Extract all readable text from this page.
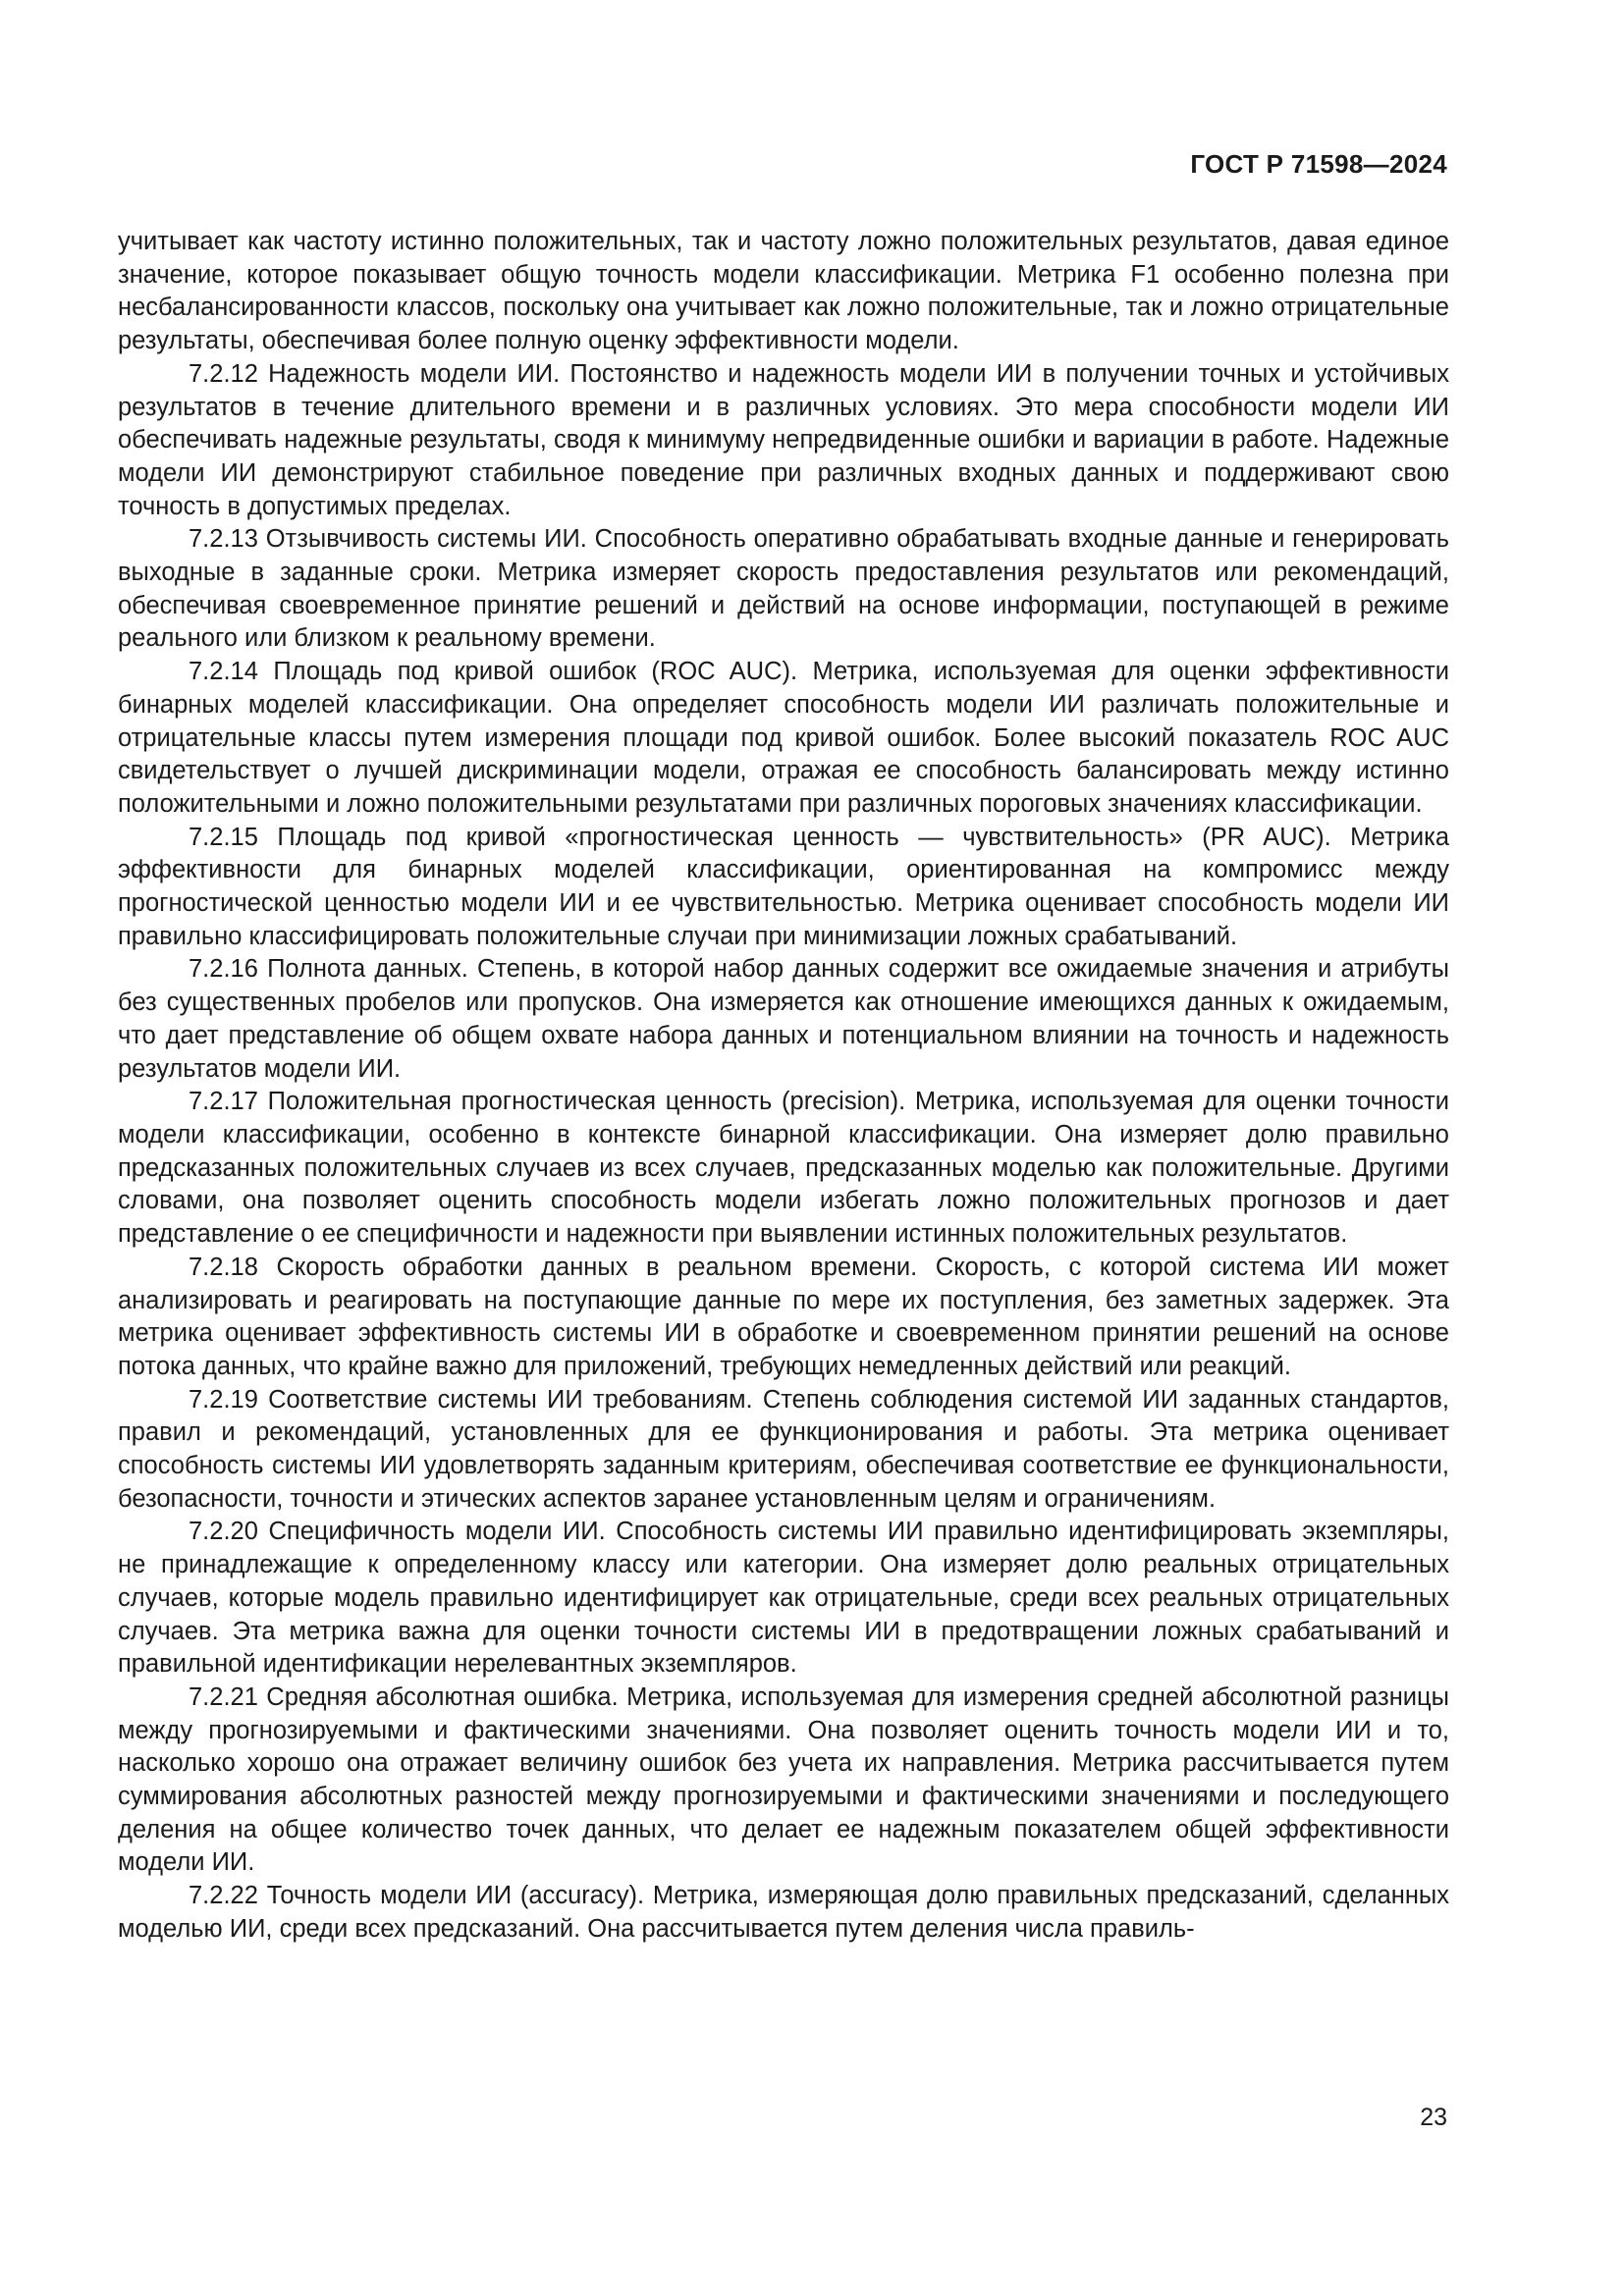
ГОСТ Р 71598—2024

учитывает как частоту истинно положительных, так и частоту ложно положительных результатов, давая единое значение, которое показывает общую точность модели классификации. Метрика F1 особенно полезна при несбалансированности классов, поскольку она учитывает как ложно положительные, так и ложно отрицательные результаты, обеспечивая более полную оценку эффективности модели.

7.2.12 Надежность модели ИИ. Постоянство и надежность модели ИИ в получении точных и устойчивых результатов в течение длительного времени и в различных условиях. Это мера способности модели ИИ обеспечивать надежные результаты, сводя к минимуму непредвиденные ошибки и вариации в работе. Надежные модели ИИ демонстрируют стабильное поведение при различных входных данных и поддерживают свою точность в допустимых пределах.

7.2.13 Отзывчивость системы ИИ. Способность оперативно обрабатывать входные данные и генерировать выходные в заданные сроки. Метрика измеряет скорость предоставления результатов или рекомендаций, обеспечивая своевременное принятие решений и действий на основе информации, поступающей в режиме реального или близком к реальному времени.

7.2.14 Площадь под кривой ошибок (ROC AUC). Метрика, используемая для оценки эффективности бинарных моделей классификации. Она определяет способность модели ИИ различать положительные и отрицательные классы путем измерения площади под кривой ошибок. Более высокий показатель ROC AUC свидетельствует о лучшей дискриминации модели, отражая ее способность балансировать между истинно положительными и ложно положительными результатами при различных пороговых значениях классификации.

7.2.15 Площадь под кривой «прогностическая ценность — чувствительность» (PR AUC). Метрика эффективности для бинарных моделей классификации, ориентированная на компромисс между прогностической ценностью модели ИИ и ее чувствительностью. Метрика оценивает способность модели ИИ правильно классифицировать положительные случаи при минимизации ложных срабатываний.

7.2.16 Полнота данных. Степень, в которой набор данных содержит все ожидаемые значения и атрибуты без существенных пробелов или пропусков. Она измеряется как отношение имеющихся данных к ожидаемым, что дает представление об общем охвате набора данных и потенциальном влиянии на точность и надежность результатов модели ИИ.

7.2.17 Положительная прогностическая ценность (precision). Метрика, используемая для оценки точности модели классификации, особенно в контексте бинарной классификации. Она измеряет долю правильно предсказанных положительных случаев из всех случаев, предсказанных моделью как положительные. Другими словами, она позволяет оценить способность модели избегать ложно положительных прогнозов и дает представление о ее специфичности и надежности при выявлении истинных положительных результатов.

7.2.18 Скорость обработки данных в реальном времени. Скорость, с которой система ИИ может анализировать и реагировать на поступающие данные по мере их поступления, без заметных задержек. Эта метрика оценивает эффективность системы ИИ в обработке и своевременном принятии решений на основе потока данных, что крайне важно для приложений, требующих немедленных действий или реакций.

7.2.19 Соответствие системы ИИ требованиям. Степень соблюдения системой ИИ заданных стандартов, правил и рекомендаций, установленных для ее функционирования и работы. Эта метрика оценивает способность системы ИИ удовлетворять заданным критериям, обеспечивая соответствие ее функциональности, безопасности, точности и этических аспектов заранее установленным целям и ограничениям.

7.2.20 Специфичность модели ИИ. Способность системы ИИ правильно идентифицировать экземпляры, не принадлежащие к определенному классу или категории. Она измеряет долю реальных отрицательных случаев, которые модель правильно идентифицирует как отрицательные, среди всех реальных отрицательных случаев. Эта метрика важна для оценки точности системы ИИ в предотвращении ложных срабатываний и правильной идентификации нерелевантных экземпляров.

7.2.21 Средняя абсолютная ошибка. Метрика, используемая для измерения средней абсолютной разницы между прогнозируемыми и фактическими значениями. Она позволяет оценить точность модели ИИ и то, насколько хорошо она отражает величину ошибок без учета их направления. Метрика рассчитывается путем суммирования абсолютных разностей между прогнозируемыми и фактическими значениями и последующего деления на общее количество точек данных, что делает ее надежным показателем общей эффективности модели ИИ.

7.2.22 Точность модели ИИ (accuracy). Метрика, измеряющая долю правильных предсказаний, сделанных моделью ИИ, среди всех предсказаний. Она рассчитывается путем деления числа правиль-

23
